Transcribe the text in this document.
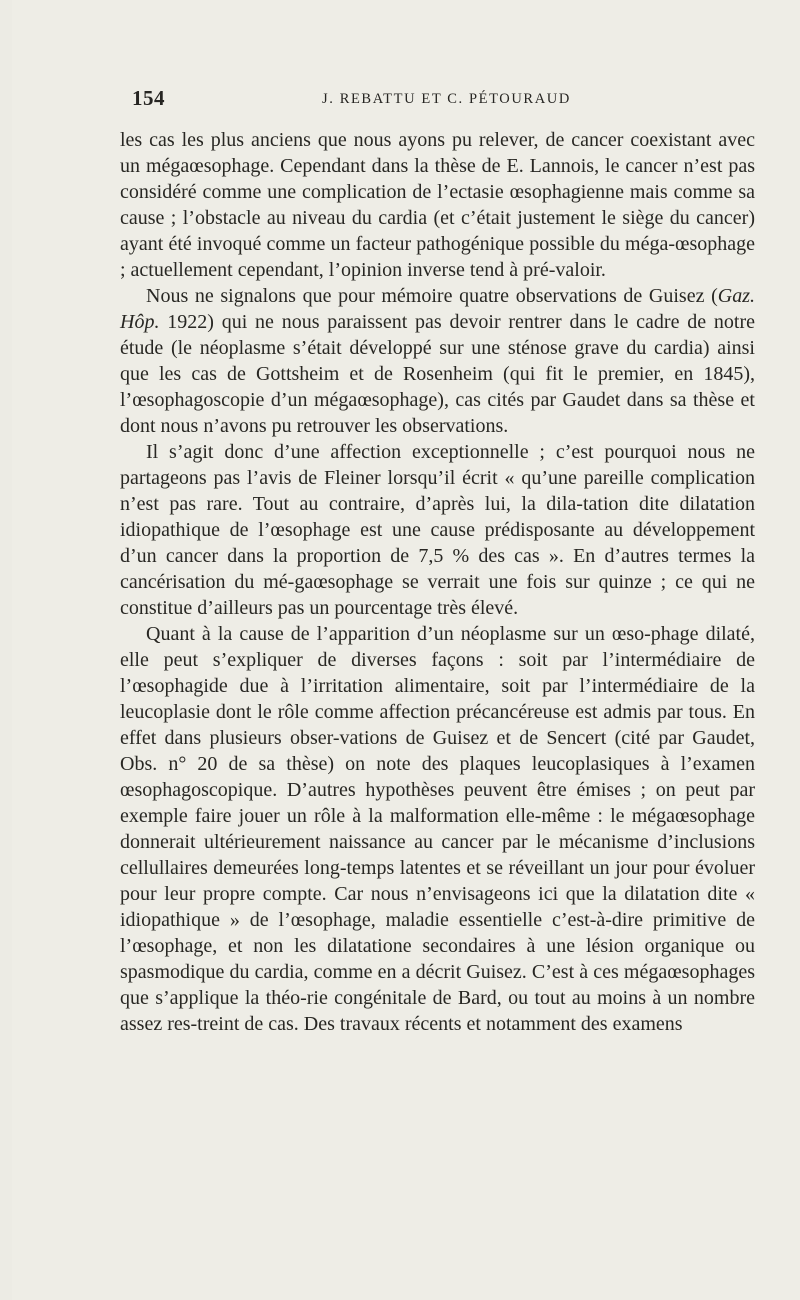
154	J. REBATTU ET C. PÉTOURAUD

les cas les plus anciens que nous ayons pu relever, de cancer coexistant avec un mégaœsophage. Cependant dans la thèse de E. Lannois, le cancer n’est pas considéré comme une complication de l’ectasie œsophagienne mais comme sa cause ; l’obstacle au niveau du cardia (et c’était justement le siège du cancer) ayant été invoqué comme un facteur pathogénique possible du méga-œsophage ; actuellement cependant, l’opinion inverse tend à pré-valoir.

Nous ne signalons que pour mémoire quatre observations de Guisez (Gaz. Hôp. 1922) qui ne nous paraissent pas devoir rentrer dans le cadre de notre étude (le néoplasme s’était développé sur une sténose grave du cardia) ainsi que les cas de Gottsheim et de Rosenheim (qui fit le premier, en 1845), l’œsophagoscopie d’un mégaœsophage), cas cités par Gaudet dans sa thèse et dont nous n’avons pu retrouver les observations.

Il s’agit donc d’une affection exceptionnelle ; c’est pourquoi nous ne partageons pas l’avis de Fleiner lorsqu’il écrit « qu’une pareille complication n’est pas rare. Tout au contraire, d’après lui, la dila-tation dite dilatation idiopathique de l’œsophage est une cause prédisposante au développement d’un cancer dans la proportion de 7,5 % des cas ». En d’autres termes la cancérisation du mé-gaœsophage se verrait une fois sur quinze ; ce qui ne constitue d’ailleurs pas un pourcentage très élevé.

Quant à la cause de l’apparition d’un néoplasme sur un œso-phage dilaté, elle peut s’expliquer de diverses façons : soit par l’intermédiaire de l’œsophagide due à l’irritation alimentaire, soit par l’intermédiaire de la leucoplasie dont le rôle comme affection précancéreuse est admis par tous. En effet dans plusieurs obser-vations de Guisez et de Sencert (cité par Gaudet, Obs. n° 20 de sa thèse) on note des plaques leucoplasiques à l’examen œsophagoscopique. D’autres hypothèses peuvent être émises ; on peut par exemple faire jouer un rôle à la malformation elle-même : le mégaœsophage donnerait ultérieurement naissance au cancer par le mécanisme d’inclusions cellullaires demeurées long-temps latentes et se réveillant un jour pour évoluer pour leur propre compte. Car nous n’envisageons ici que la dilatation dite « idiopathique » de l’œsophage, maladie essentielle c’est-à-dire primitive de l’œsophage, et non les dilatatione secondaires à une lésion organique ou spasmodique du cardia, comme en a décrit Guisez. C’est à ces mégaœsophages que s’applique la théo-rie congénitale de Bard, ou tout au moins à un nombre assez res-treint de cas. Des travaux récents et notamment des examens
